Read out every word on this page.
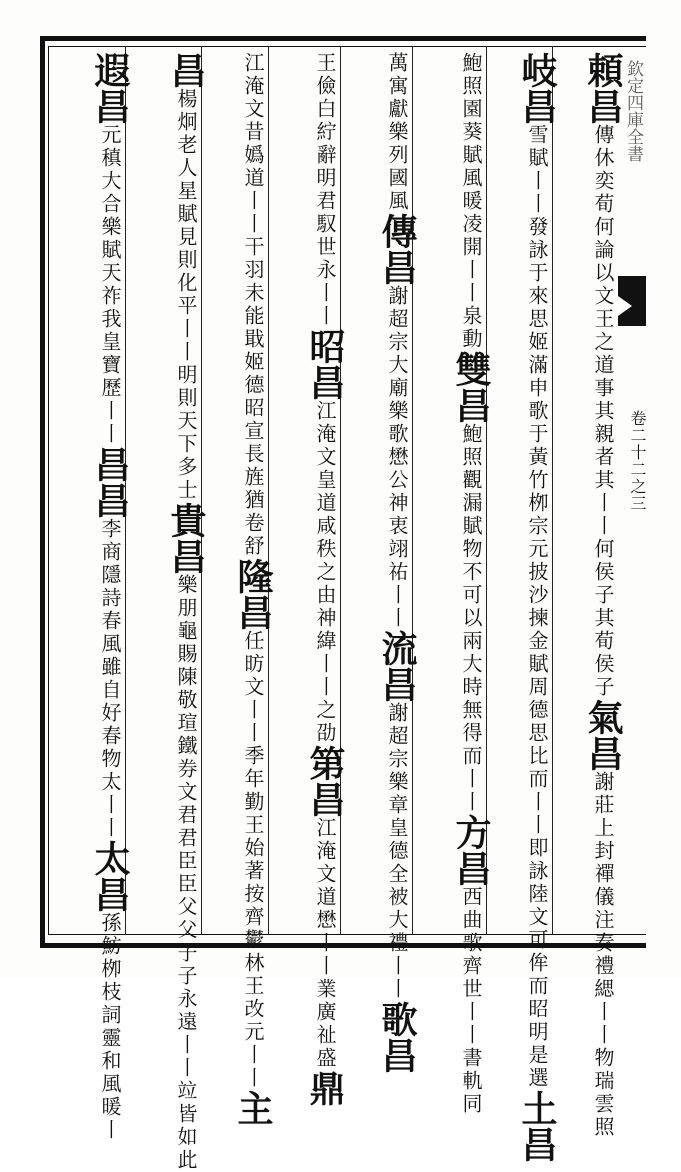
欽定四庫全書
卷二十二之三
頼昌傳休奕荀何論以文王之道事其親者其丨丨何侯子其荀侯子氣昌謝莊上封禪儀注奏禮緦丨丨物瑞雲照
岐昌雪賦丨丨發詠于來思姬滿申歌于黃竹栁宗元披沙揀金賦周德思比而丨丨即詠陸文可侔而昭明是選土昌
鮑照園葵賦風暖凌開丨丨泉動雙昌鮑照觀漏賦物不可以兩大時無得而丨丨方昌西曲歌齊世丨丨書軌同
萬寓獻樂列國風傳昌謝超宗大廟樂歌懋公神衷翊祐丨丨流昌謝超宗樂章皇德全被大禮丨丨歌昌
王儉白紵辭明君馭世永丨丨昭昌江淹文皇道咸秩之由神緯丨丨之劭第昌江淹文道懋丨丨業廣祉盛鼎
江淹文昔嬀道丨丨干羽未能戢姬德昭宣長旌猶卷舒隆昌任昉文丨丨季年勤王始著按齊鬱林王改元丨丨主
昌楊炯老人星賦見則化平丨丨明則天下多士貴昌樂朋龜賜陳敬瑄鐵券文君君臣臣父父子子永遠丨丨竝皆如此
遐昌元稹大合樂賦天祚我皇寶歷丨丨昌昌李商隱詩春風雖自好春物太丨丨太昌孫魴栁枝詞靈和風暖丨
